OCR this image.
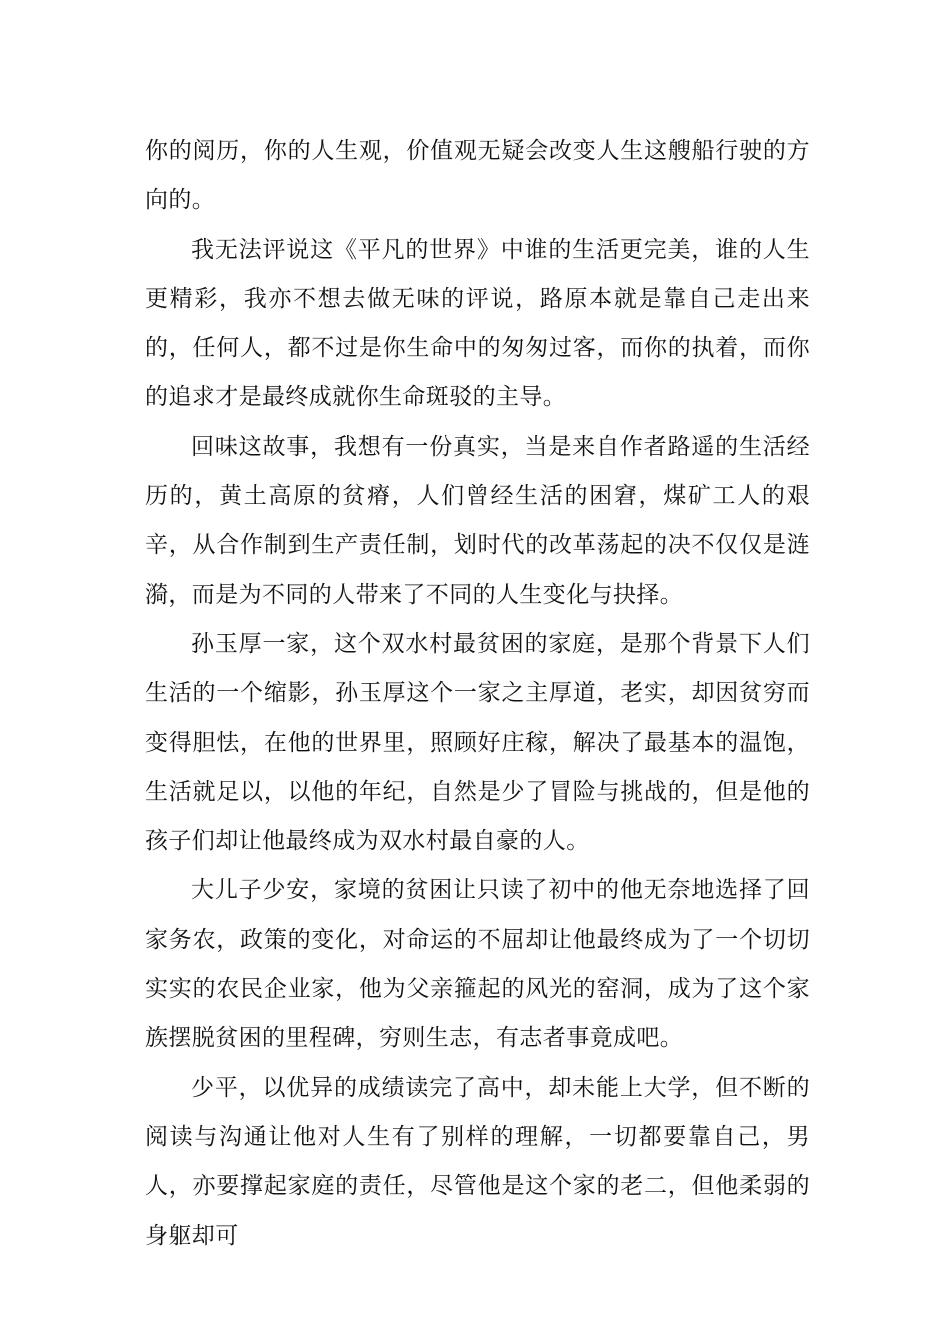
你的阅历，你的人生观，价值观无疑会改变人生这艘船行驶的方向的。

我无法评说这《平凡的世界》中谁的生活更完美，谁的人生更精彩，我亦不想去做无味的评说，路原本就是靠自己走出来的，任何人，都不过是你生命中的匆匆过客，而你的执着，而你的追求才是最终成就你生命斑驳的主导。

回味这故事，我想有一份真实，当是来自作者路遥的生活经历的，黄土高原的贫瘠，人们曾经生活的困窘，煤矿工人的艰辛，从合作制到生产责任制，划时代的改革荡起的决不仅仅是涟漪，而是为不同的人带来了不同的人生变化与抉择。

孙玉厚一家，这个双水村最贫困的家庭，是那个背景下人们生活的一个缩影，孙玉厚这个一家之主厚道，老实，却因贫穷而变得胆怯，在他的世界里，照顾好庄稼，解决了最基本的温饱，生活就足以，以他的年纪，自然是少了冒险与挑战的，但是他的孩子们却让他最终成为双水村最自豪的人。

大儿子少安，家境的贫困让只读了初中的他无奈地选择了回家务农，政策的变化，对命运的不屈却让他最终成为了一个切切实实的农民企业家，他为父亲箍起的风光的窑洞，成为了这个家族摆脱贫困的里程碑，穷则生志，有志者事竟成吧。

少平，以优异的成绩读完了高中，却未能上大学，但不断的阅读与沟通让他对人生有了别样的理解，一切都要靠自己，男人，亦要撑起家庭的责任，尽管他是这个家的老二，但他柔弱的身躯却可
